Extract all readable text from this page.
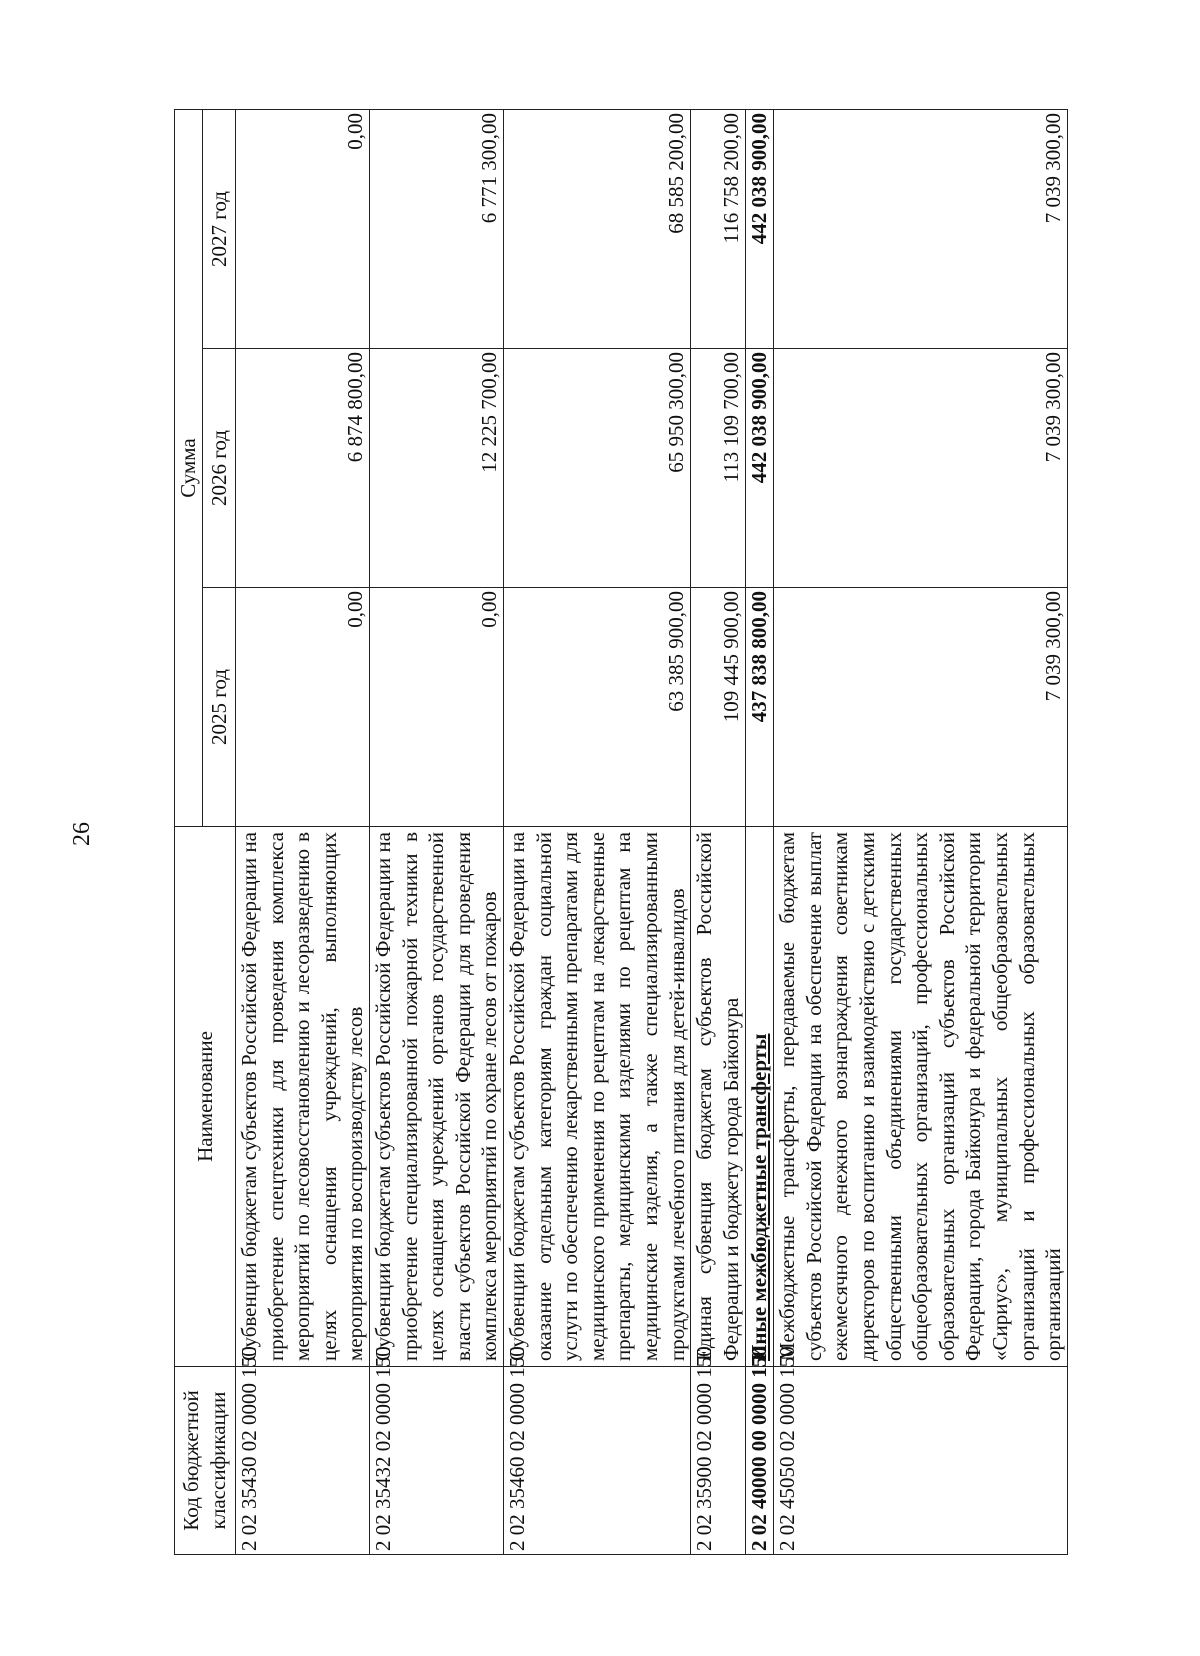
26
Код бюджетной классификации	Наименование	Сумма		
		2025 год	2026 год	2027 год
2 02 35430 02 0000 150	Субвенции бюджетам субъектов Российской Федерации на приобретение спецтехники для проведения комплекса мероприятий по лесовосстановлению и лесоразведению в целях оснащения учреждений, выполняющих мероприятия по воспроизводству лесов	0,00	6 874 800,00	0,00
2 02 35432 02 0000 150	Субвенции бюджетам субъектов Российской Федерации на приобретение специализированной пожарной техники в целях оснащения учреждений органов государственной власти субъектов Российской Федерации для проведения комплекса мероприятий по охране лесов от пожаров	0,00	12 225 700,00	6 771 300,00
2 02 35460 02 0000 150	Субвенции бюджетам субъектов Российской Федерации на оказание отдельным категориям граждан социальной услуги по обеспечению лекарственными препаратами для медицинского применения по рецептам на лекарственные препараты, медицинскими изделиями по рецептам на медицинские изделия, а также специализированными продуктами лечебного питания для детей-инвалидов	63 385 900,00	65 950 300,00	68 585 200,00
2 02 35900 02 0000 150	Единая субвенция бюджетам субъектов Российской Федерации и бюджету города Байконура	109 445 900,00	113 109 700,00	116 758 200,00
2 02 40000 00 0000 150	Иные межбюджетные трансферты	437 838 800,00	442 038 900,00	442 038 900,00
2 02 45050 02 0000 150	Межбюджетные трансферты, передаваемые бюджетам субъектов Российской Федерации на обеспечение выплат ежемесячного денежного вознаграждения советникам директоров по воспитанию и взаимодействию с детскими общественными объединениями государственных общеобразовательных организаций, профессиональных образовательных организаций субъектов Российской Федерации, города Байконура и федеральной территории «Сириус», муниципальных общеобразовательных организаций и профессиональных образовательных организаций	7 039 300,00	7 039 300,00	7 039 300,00
